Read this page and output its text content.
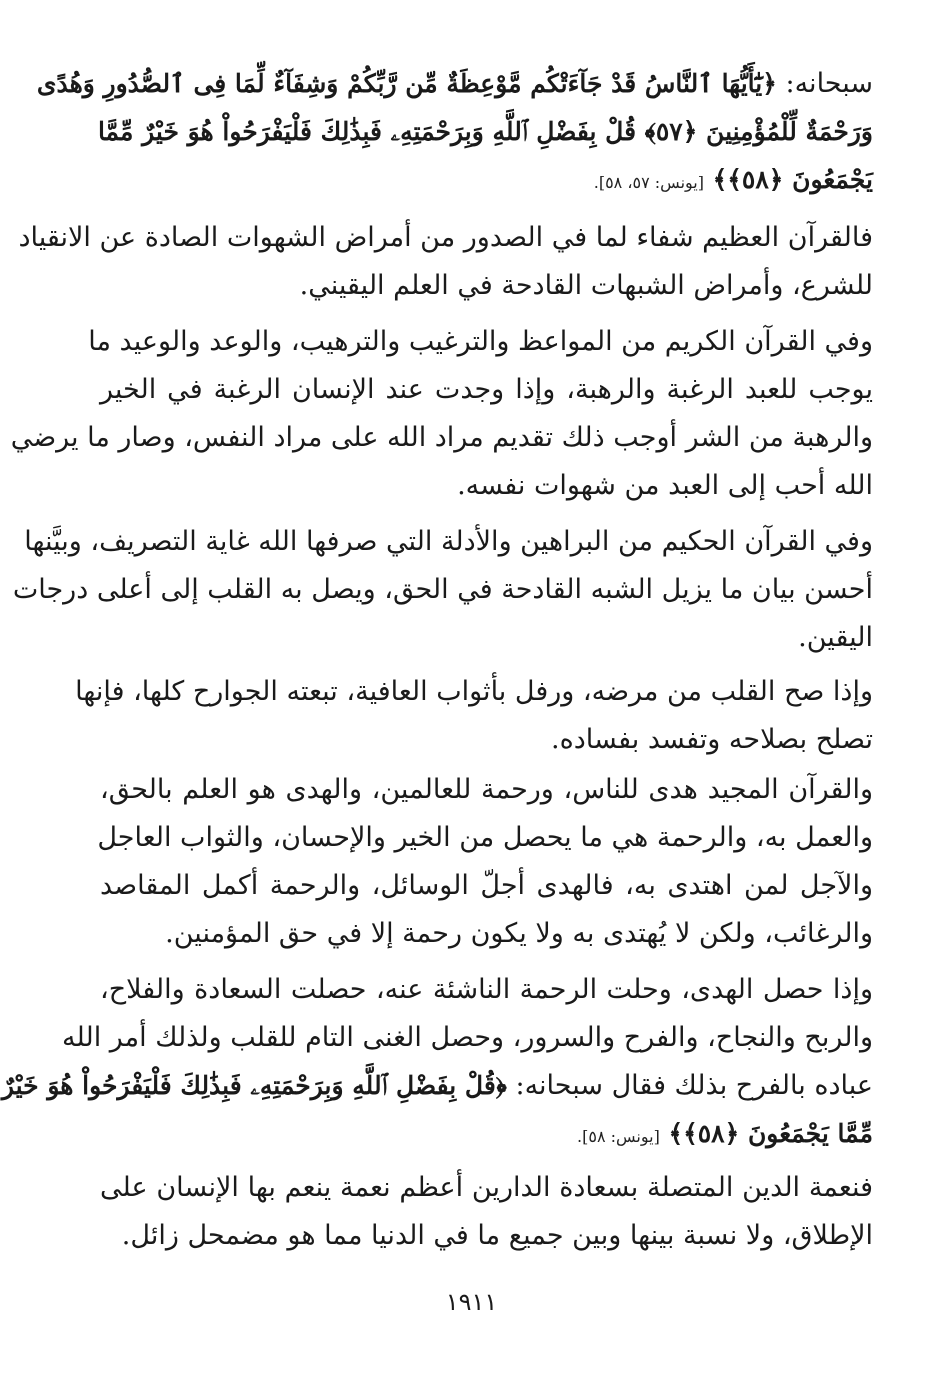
سبحانه: ﴿يَٰٓأَيُّهَا ٱلنَّاسُ قَدْ جَآءَتْكُم مَّوْعِظَةٌ مِّن رَّبِّكُمْ وَشِفَآءٌ لِّمَا فِى ٱلصُّدُورِ وَهُدًى
وَرَحْمَةٌ لِّلْمُؤْمِنِينَ ﴿٥٧﴾ قُلْ بِفَضْلِ ٱللَّهِ وَبِرَحْمَتِهِۦ فَبِذَٰلِكَ فَلْيَفْرَحُواْ هُوَ خَيْرٌ مِّمَّا
يَجْمَعُونَ ﴿٥٨﴾﴾ [يونس: ٥٧، ٥٨].
فالقرآن العظيم شفاء لما في الصدور من أمراض الشهوات الصادة عن الانقياد
للشرع، وأمراض الشبهات القادحة في العلم اليقيني.
وفي القرآن الكريم من المواعظ والترغيب والترهيب، والوعد والوعيد ما
يوجب للعبد الرغبة والرهبة، وإذا وجدت عند الإنسان الرغبة في الخير
والرهبة من الشر أوجب ذلك تقديم مراد الله على مراد النفس، وصار ما يرضي
الله أحب إلى العبد من شهوات نفسه.
وفي القرآن الحكيم من البراهين والأدلة التي صرفها الله غاية التصريف، وبيَّنها
أحسن بيان ما يزيل الشبه القادحة في الحق، ويصل به القلب إلى أعلى درجات
اليقين.
وإذا صح القلب من مرضه، ورفل بأثواب العافية، تبعته الجوارح كلها، فإنها
تصلح بصلاحه وتفسد بفساده.
والقرآن المجيد هدى للناس، ورحمة للعالمين، والهدى هو العلم بالحق،
والعمل به، والرحمة هي ما يحصل من الخير والإحسان، والثواب العاجل
والآجل لمن اهتدى به، فالهدى أجلّ الوسائل، والرحمة أكمل المقاصد
والرغائب، ولكن لا يُهتدى به ولا يكون رحمة إلا في حق المؤمنين.
وإذا حصل الهدى، وحلت الرحمة الناشئة عنه، حصلت السعادة والفلاح،
والربح والنجاح، والفرح والسرور، وحصل الغنى التام للقلب ولذلك أمر الله
عباده بالفرح بذلك فقال سبحانه: ﴿قُلْ بِفَضْلِ ٱللَّهِ وَبِرَحْمَتِهِۦ فَبِذَٰلِكَ فَلْيَفْرَحُواْ هُوَ خَيْرٌ
مِّمَّا يَجْمَعُونَ ﴿٥٨﴾﴾ [يونس: ٥٨].
فنعمة الدين المتصلة بسعادة الدارين أعظم نعمة ينعم بها الإنسان على
الإطلاق، ولا نسبة بينها وبين جميع ما في الدنيا مما هو مضمحل زائل.
١٩١١
